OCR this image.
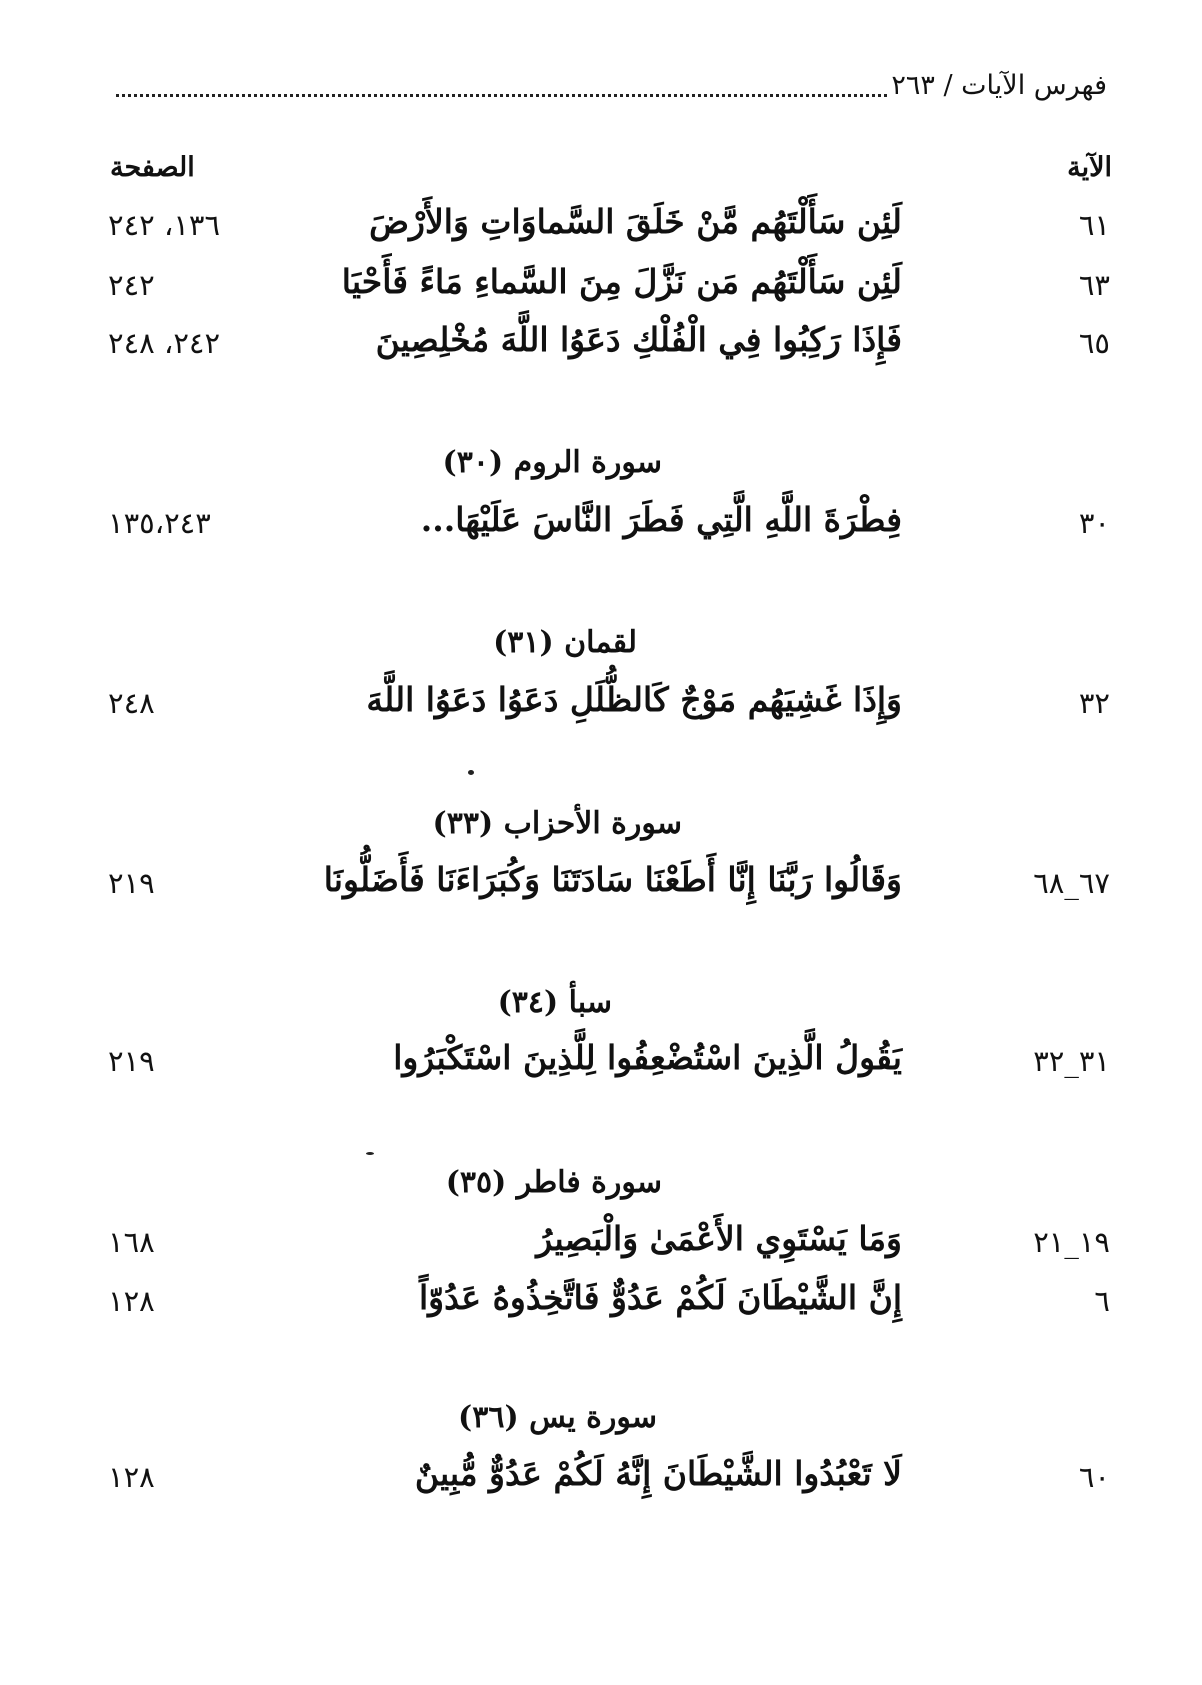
فهرس الآيات / ٢٦٣
الآية
الصفحة
٦١
لَئِن سَأَلْتَهُم مَّنْ خَلَقَ السَّماوَاتِ وَالأَرْضَ
١٣٦، ٢٤٢
٦٣
لَئِن سَأَلْتَهُم مَن نَزَّلَ مِنَ السَّماءِ مَاءً فَأَحْيَا
٢٤٢
٦٥
فَإِذَا رَكِبُوا فِي الْفُلْكِ دَعَوُا اللَّهَ مُخْلِصِينَ
٢٤٢، ٢٤٨
سورة الروم (٣٠)
٣٠
فِطْرَةَ اللَّهِ الَّتِي فَطَرَ النَّاسَ عَلَيْهَا...
١٣٥،٢٤٣
لقمان (٣١)
٣٢
وَإِذَا غَشِيَهُم مَوْجٌ كَالظُّلَلِ دَعَوُا دَعَوُا اللَّهَ
٢٤٨
سورة الأحزاب (٣٣)
٦٧_٦٨
وَقَالُوا رَبَّنَا إِنَّا أَطَعْنَا سَادَتَنَا وَكُبَرَاءَنَا فَأَضَلُّونَا
٢١٩
سبأ (٣٤)
٣١_٣٢
يَقُولُ الَّذِينَ اسْتُضْعِفُوا لِلَّذِينَ اسْتَكْبَرُوا
٢١٩
سورة فاطر (٣٥)
١٩_٢١
وَمَا يَسْتَوِي الأَعْمَىٰ وَالْبَصِيرُ
١٦٨
٦
إِنَّ الشَّيْطَانَ لَكُمْ عَدُوٌّ فَاتَّخِذُوهُ عَدُوّاً
١٢٨
سورة يس (٣٦)
٦٠
لَا تَعْبُدُوا الشَّيْطَانَ إِنَّهُ لَكُمْ عَدُوٌّ مُّبِينٌ
١٢٨
